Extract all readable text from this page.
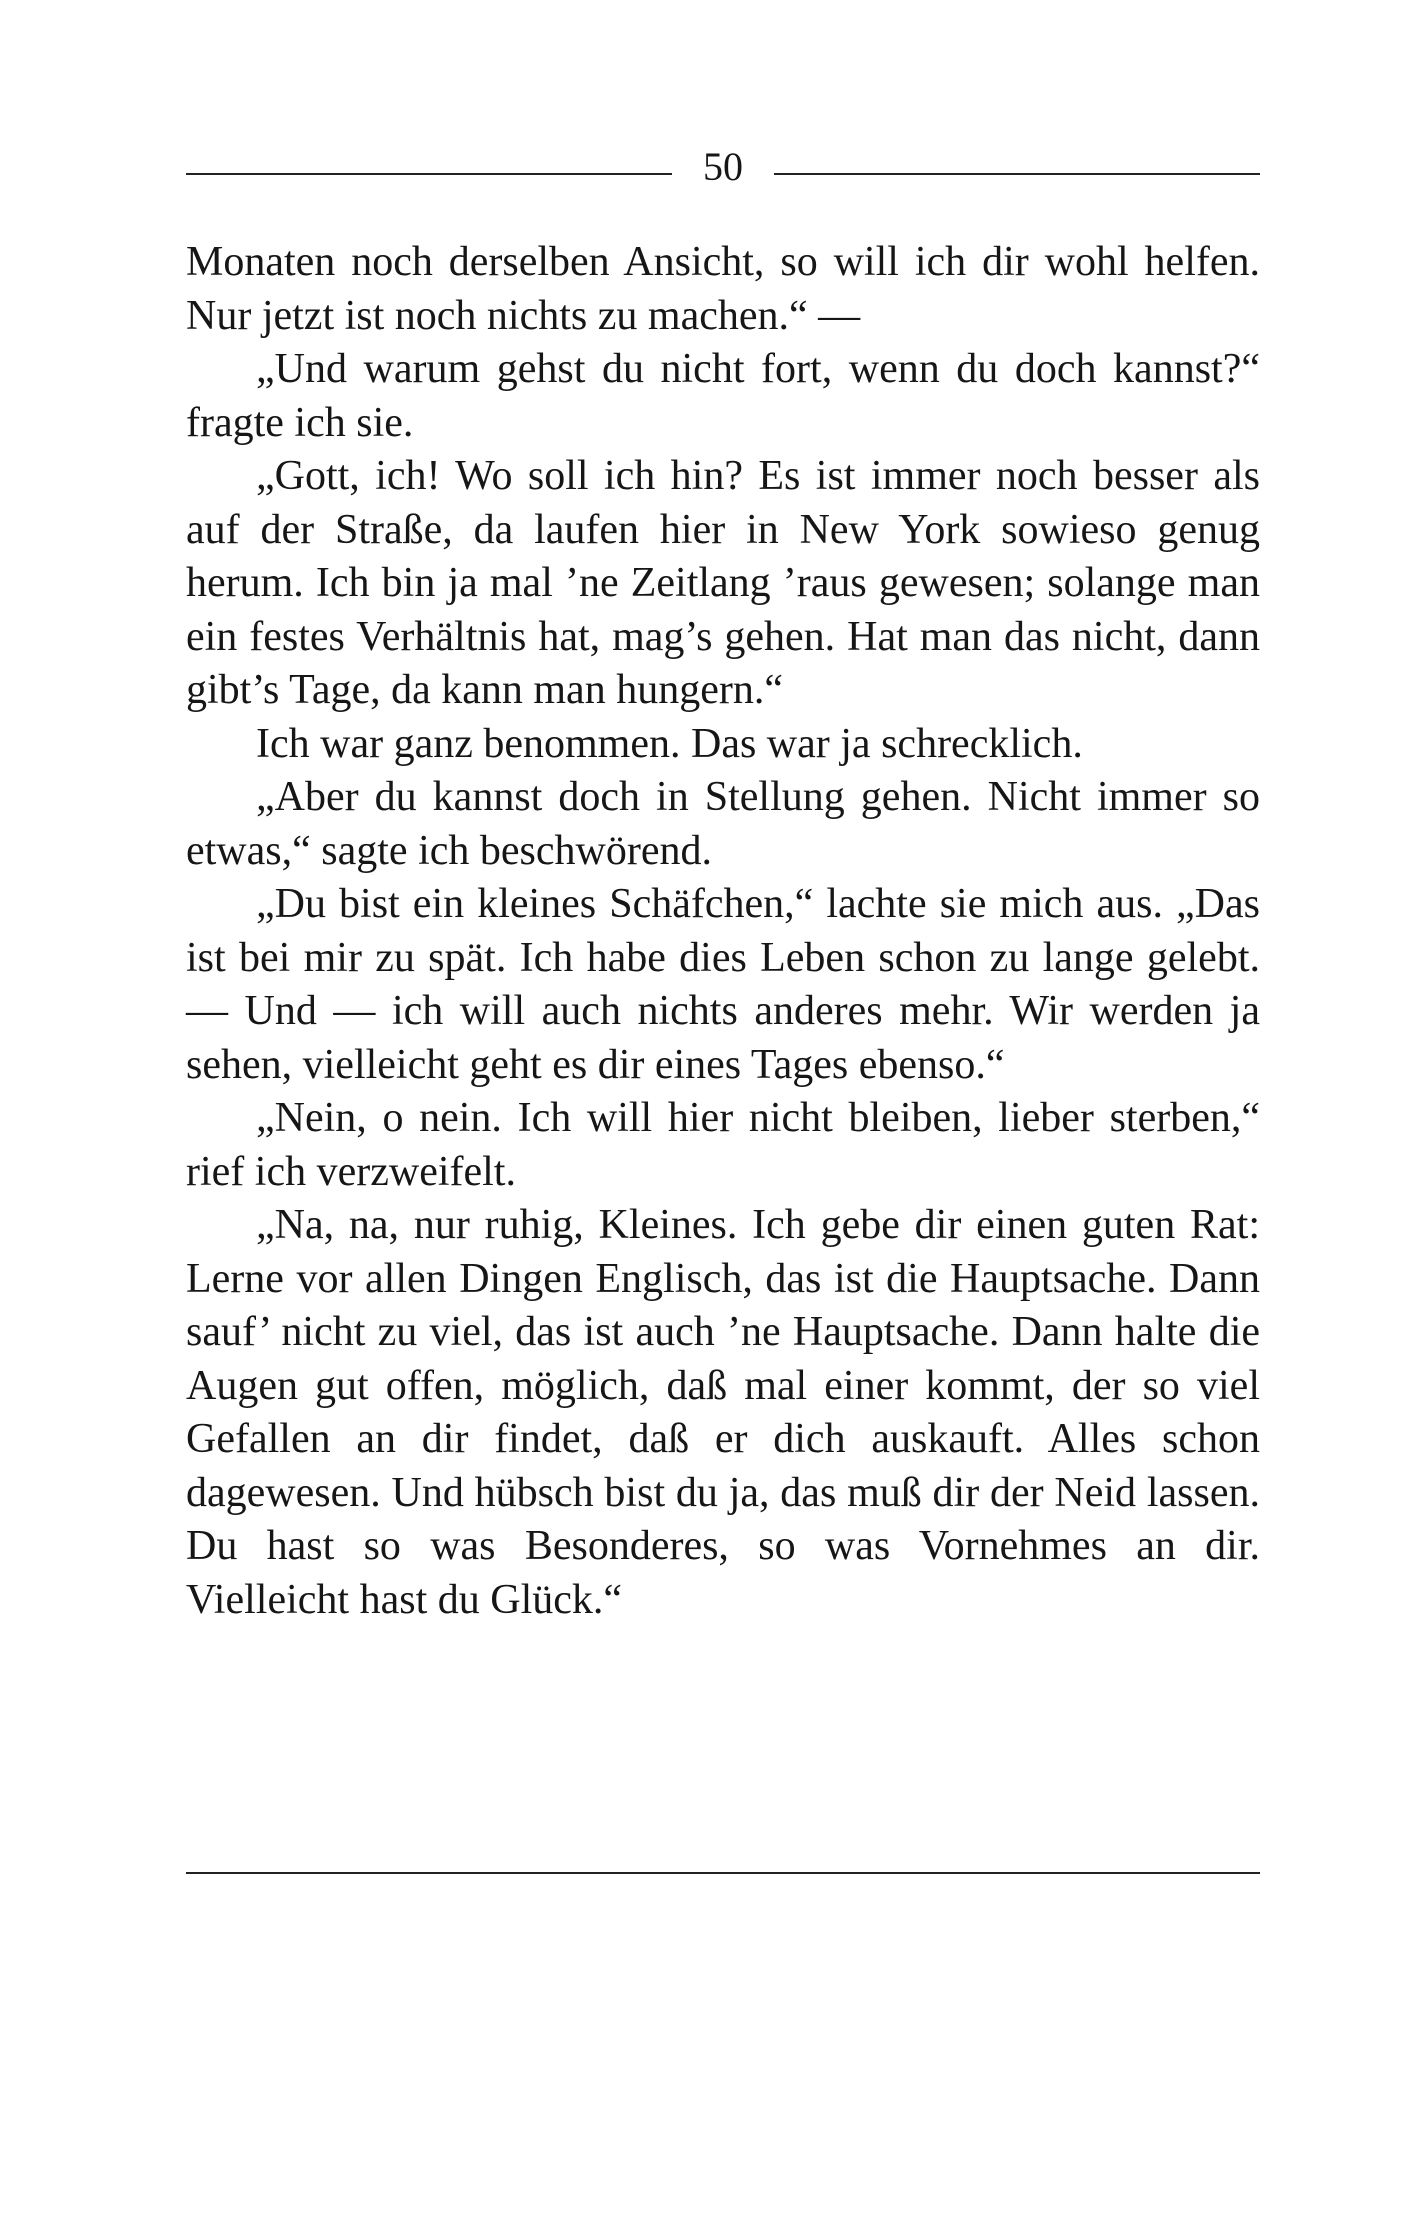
50

Monaten noch derselben Ansicht, so will ich dir wohl helfen. Nur jetzt ist noch nichts zu machen.“ —

„Und warum gehst du nicht fort, wenn du doch kannst?“ fragte ich sie.

„Gott, ich! Wo soll ich hin? Es ist immer noch besser als auf der Straße, da laufen hier in New York sowieso genug herum. Ich bin ja mal ’ne Zeitlang ’raus gewesen; solange man ein festes Verhältnis hat, mag’s gehen. Hat man das nicht, dann gibt’s Tage, da kann man hungern.“

Ich war ganz benommen. Das war ja schrecklich.

„Aber du kannst doch in Stellung gehen. Nicht immer so etwas,“ sagte ich beschwörend.

„Du bist ein kleines Schäfchen,“ lachte sie mich aus. „Das ist bei mir zu spät. Ich habe dies Leben schon zu lange gelebt. — Und — ich will auch nichts anderes mehr. Wir werden ja sehen, vielleicht geht es dir eines Tages ebenso.“

„Nein, o nein. Ich will hier nicht bleiben, lieber sterben,“ rief ich verzweifelt.

„Na, na, nur ruhig, Kleines. Ich gebe dir einen guten Rat: Lerne vor allen Dingen Englisch, das ist die Hauptsache. Dann sauf’ nicht zu viel, das ist auch ’ne Hauptsache. Dann halte die Augen gut offen, möglich, daß mal einer kommt, der so viel Gefallen an dir findet, daß er dich auskauft. Alles schon dagewesen. Und hübsch bist du ja, das muß dir der Neid lassen. Du hast so was Besonderes, so was Vornehmes an dir. Vielleicht hast du Glück.“
